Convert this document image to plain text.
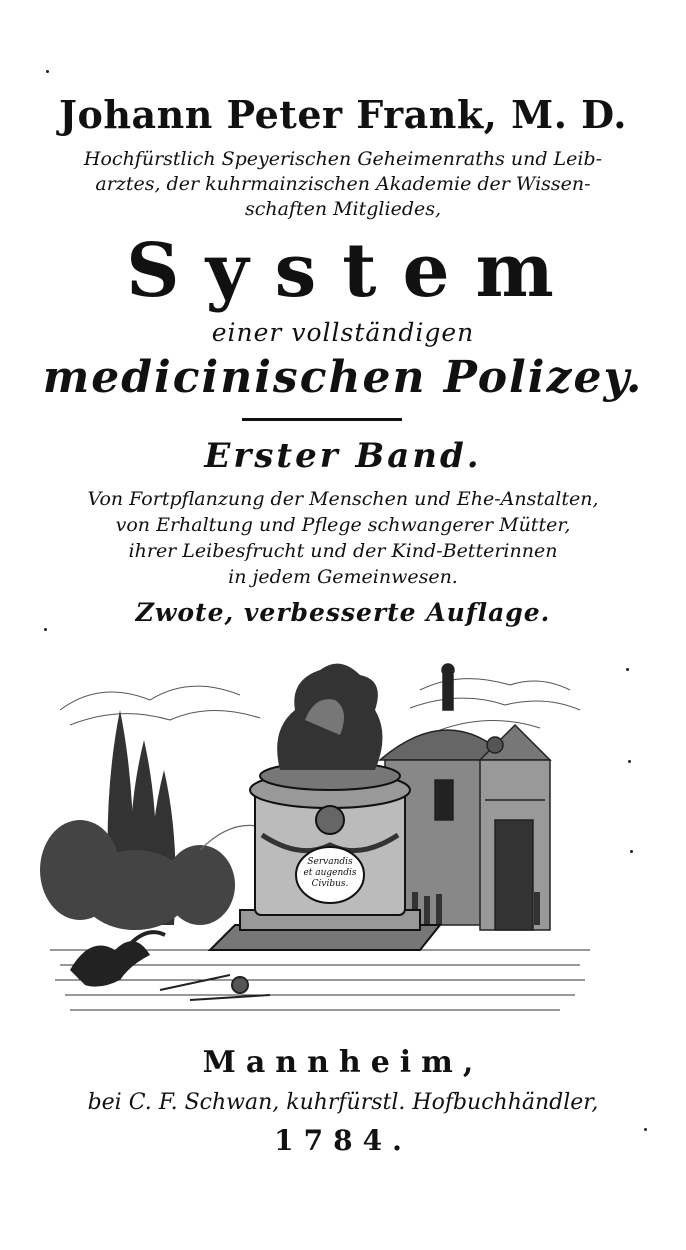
Johann Peter Frank, M. D.
Hochfürstlich Speyerischen Geheimenraths und Leib-
arztes, der kuhrmainzischen Akademie der Wissen-
schaften Mitgliedes,
System
einer vollständigen
medicinischen Polizey.
Erster Band.
Von Fortpflanzung der Menschen und Ehe-Anstalten,
von Erhaltung und Pflege schwangerer Mütter,
ihrer Leibesfrucht und der Kind-Betterinnen
in jedem Gemeinwesen.
Zwote, verbesserte Auflage.
Servandis
et augendis
Civibus.
Mannheim,
bei C. F. Schwan, kuhrfürstl. Hofbuchhändler,
1784.
